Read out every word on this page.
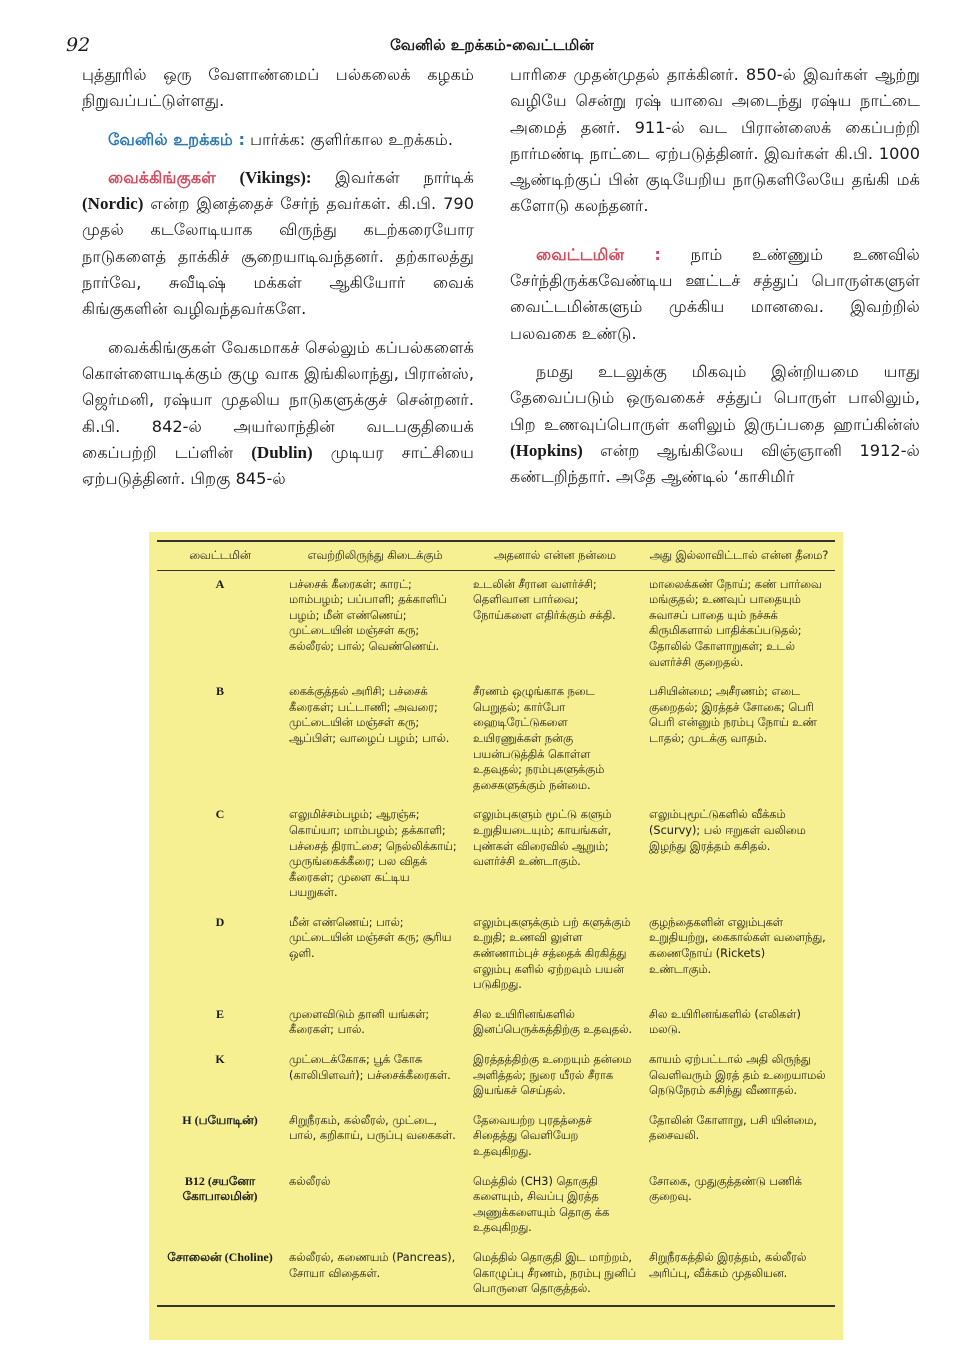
92	வேனில் உறக்கம்-வைட்டமின்

புத்தூரில் ஒரு வேளாண்மைப் பல்கலைக் கழகம் நிறுவப்பட்டுள்ளது.

வேனில் உறக்கம் : பார்க்க: குளிர்கால உறக்கம்.

வைக்கிங்குகள் (Vikings): இவர்கள் நார்டிக் (Nordic) என்ற இனத்தைச் சேர்ந் தவர்கள். கி.பி. 790 முதல் கடலோடியாக விருந்து கடற்கரையோர நாடுகளைத் தாக்கிச் சூறையாடிவந்தனர். தற்காலத்து நார்வே, சுவீடிஷ் மக்கள் ஆகியோர் வைக் கிங்குகளின் வழிவந்தவர்களே.

வைக்கிங்குகள் வேகமாகச் செல்லும் கப்பல்களைக் கொள்ளையடிக்கும் குழு வாக இங்கிலாந்து, பிரான்ஸ், ஜெர்மனி, ரஷ்யா முதலிய நாடுகளுக்குச் சென்றனர். கி.பி. 842-ல் அயர்லாந்தின் வடபகுதியைக் கைப்பற்றி டப்ளின் (Dublin) முடியர சாட்சியை ஏற்படுத்தினர். பிறகு 845-ல்

பாரிசை முதன்முதல் தாக்கினர். 850-ல் இவர்கள் ஆற்று வழியே சென்று ரஷ் யாவை அடைந்து ரஷ்ய நாட்டை அமைத் தனர். 911-ல் வட பிரான்ஸைக் கைப்பற்றி நார்மண்டி நாட்டை ஏற்படுத்தினர். இவர்கள் கி.பி. 1000 ஆண்டிற்குப் பின் குடியேறிய நாடுகளிலேயே தங்கி மக் களோடு கலந்தனர்.

வைட்டமின் : நாம் உண்ணும் உணவில் சேர்ந்திருக்கவேண்டிய ஊட்டச் சத்துப் பொருள்களுள் வைட்டமின்களும் முக்கிய மானவை. இவற்றில் பலவகை உண்டு.

நமது உடலுக்கு மிகவும் இன்றியமை யாது தேவைப்படும் ஒருவகைச் சத்துப் பொருள் பாலிலும், பிற உணவுப்பொருள் களிலும் இருப்பதை ஹாப்கின்ஸ் (Hopkins) என்ற ஆங்கிலேய விஞ்ஞானி 1912-ல் கண்டறிந்தார். அதே ஆண்டில் ‘காசிமிர்

வைட்டமின்	எவற்றிலிருந்து கிடைக்கும்	அதனால் என்ன நன்மை	அது இல்லாவிட்டால் என்ன தீமை?
A	பச்சைக் கீரைகள்; காரட்; மாம்பழம்; பப்பாளி; தக்காளிப் பழம்; மீன் எண்ணெய்; முட்டையின் மஞ்சள் கரு; கல்லீரல்; பால்; வெண்ணெய்.	உடலின் சீரான வளர்ச்சி; தெளிவான பார்வை; நோய்களை எதிர்க்கும் சக்தி.	மாலைக்கண் நோய்; கண் பார்வை மங்குதல்; உணவுப் பாதையும் சுவாசப் பாதை யும் நச்சுக் கிருமிகளால் பாதிக்கப்படுதல்; தோலில் கோளாறுகள்; உடல் வளர்ச்சி குறைதல்.
B	கைக்குத்தல் அரிசி; பச்சைக் கீரைகள்; பட்டாணி; அவரை; முட்டையின் மஞ்சள் கரு; ஆப்பிள்; வாழைப் பழம்; பால்.	சீரணம் ஒழுங்காக நடை பெறுதல்; கார்போ ஹைடிரேட்டுகளை உயிரணுக்கள் நன்கு பயன்படுத்திக் கொள்ள உதவுதல்; நரம்புகளுக்கும் தசைகளுக்கும் நன்மை.	பசியின்மை; அசீரணம்; எடை குறைதல்; இரத்தச் சோகை; பெரி பெரி என்னும் நரம்பு நோய் உண் டாதல்; முடக்கு வாதம்.
C	எலுமிச்சம்பழம்; ஆரஞ்சு; கொய்யா; மாம்பழம்; தக்காளி; பச்சைத் திராட்சை; நெல்லிக்காய்; முருங்கைக்கீரை; பல விதக் கீரைகள்; முளை கட்டிய பயறுகள்.	எலும்புகளும் மூட்டு களும் உறுதியடையும்; காயங்கள், புண்கள் விரைவில் ஆறும்; வளர்ச்சி உண்டாகும்.	எலும்புமூட்டுகளில் வீக்கம் (Scurvy); பல் ஈறுகள் வலிமை இழந்து இரத்தம் கசிதல்.
D	மீன் எண்ணெய்; பால்; முட்டையின் மஞ்சள் கரு; சூரிய ஒளி.	எலும்புகளுக்கும் பற் களுக்கும் உறுதி; உணவி லுள்ள சுண்ணாம்புச் சத்தைக் கிரகித்து எலும்பு களில் ஏற்றவும் பயன் படுகிறது.	குழந்தைகளின் எலும்புகள் உறுதியற்று, கைகால்கள் வளைந்து, கணைநோய் (Rickets) உண்டாகும்.
E	முளைவிடும் தானி யங்கள்; கீரைகள்; பால்.	சில உயிரினங்களில் இனப்பெருக்கத்திற்கு உதவுதல்.	சில உயிரினங்களில் (எலிகள்) மலடு.
K	முட்டைக்கோசு; பூக் கோசு (காலிபிளவர்); பச்சைக்கீரைகள்.	இரத்தத்திற்கு உறையும் தன்மை அளித்தல்; நுரை யீரல் சீராக இயங்கச் செய்தல்.	காயம் ஏற்பட்டால் அதி லிருந்து வெளிவரும் இரத் தம் உறையாமல் நெடுநேரம் கசிந்து வீணாதல்.
H (பயோடின்)	சிறுநீரகம், கல்லீரல், முட்டை, பால், கறிகாய், பருப்பு வகைகள்.	தேவையற்ற புரதத்தைச் சிதைத்து வெளியேற உதவுகிறது.	தோலின் கோளாறு, பசி யின்மை, தசைவலி.
B12 (சயனோ கோபாலமின்)	கல்லீரல்	மெத்தில் (CH3) தொகுதி களையும், சிவப்பு இரத்த அணுக்களையும் தொகு க்க உதவுகிறது.	சோகை, முதுகுத்தண்டு பணிக் குறைவு.
சோலைன் (Choline)	கல்லீரல், கணையம் (Pancreas), சோயா விதைகள்.	மெத்தில் தொகுதி இட மாற்றம், கொழுப்பு சீரணம், நரம்பு நுனிப் பொருளை தொகுத்தல்.	சிறுநீரகத்தில் இரத்தம், கல்லீரல் அரிப்பு, வீக்கம் முதலியன.
